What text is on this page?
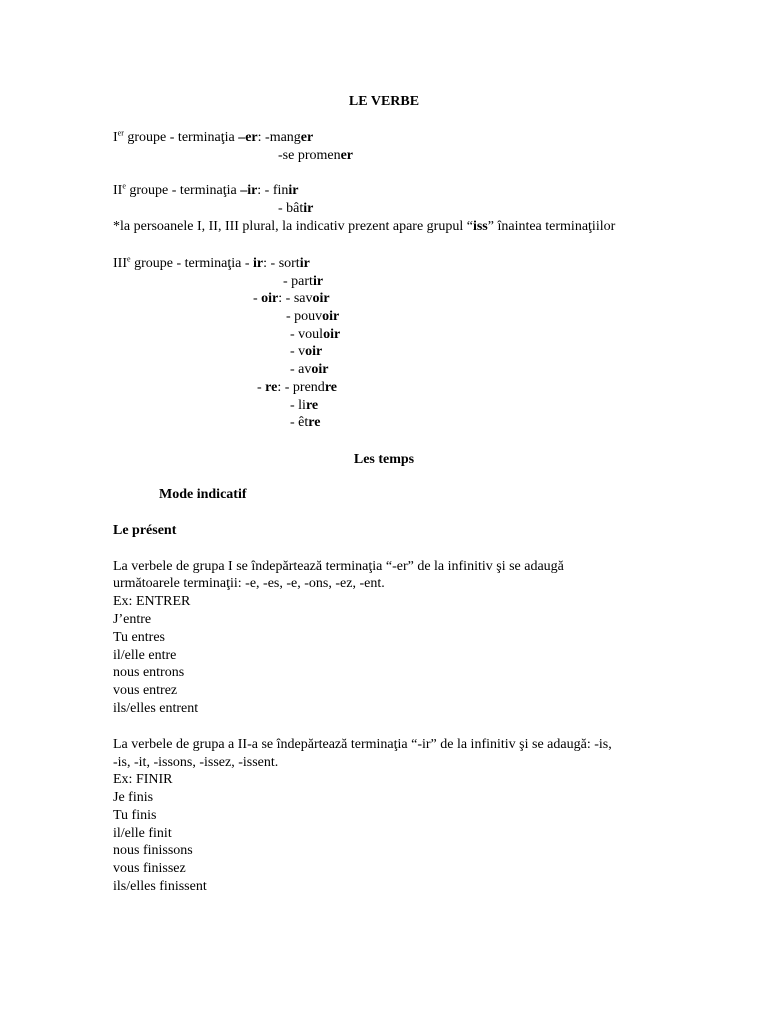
LE VERBE
Ier groupe - terminaţia –er: -manger
-se promener
IIe groupe - terminaţia –ir: - finir
- bâtir
*la persoanele I, II, III plural, la indicativ prezent apare grupul “iss” înaintea terminaţiilor
IIIe groupe - terminaţia - ir: - sortir
- partir
- oir: - savoir
- pouvoir
- vouloir
- voir
- avoir
- re: - prendre
- lire
- être
Les temps
Mode indicatif
Le présent
La verbele de grupa I se îndepărtează terminaţia “-er” de la infinitiv şi se adaugă
următoarele terminaţii: -e, -es, -e, -ons, -ez, -ent.
Ex: ENTRER
J’entre
Tu entres
il/elle entre
nous entrons
vous entrez
ils/elles entrent
La verbele de grupa a II-a se îndepărtează terminaţia “-ir” de la infinitiv şi se adaugă: -is,
-is, -it, -issons, -issez, -issent.
Ex: FINIR
Je finis
Tu finis
il/elle finit
nous finissons
vous finissez
ils/elles finissent
